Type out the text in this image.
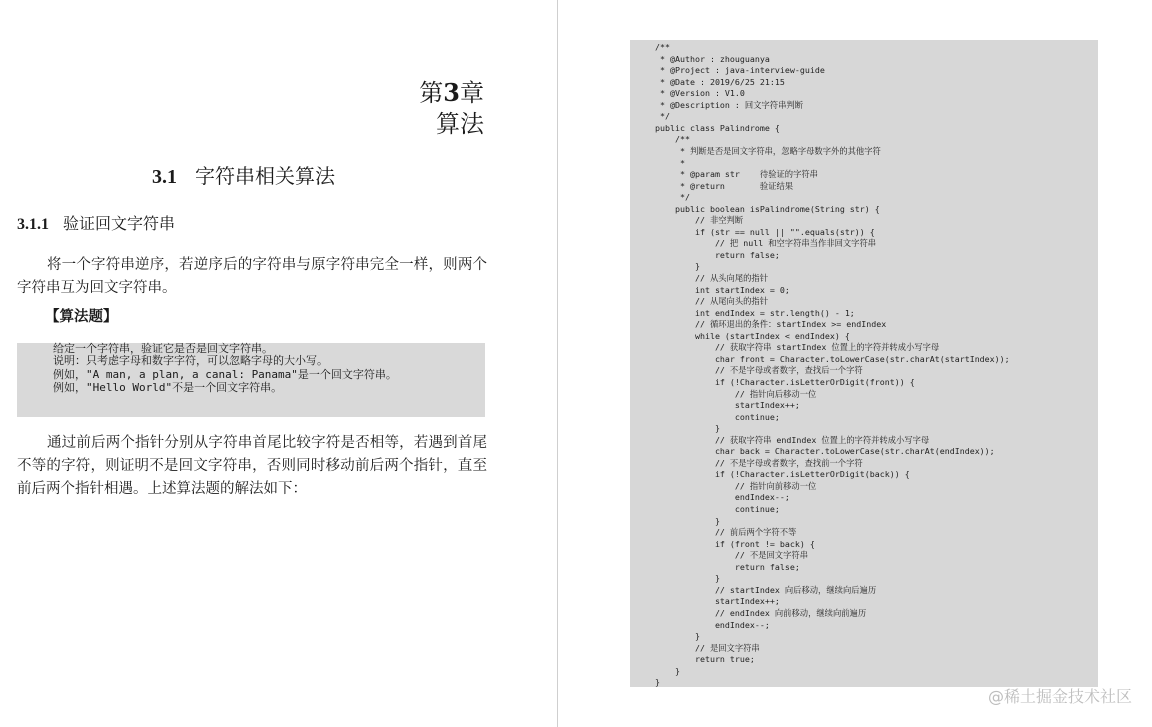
第3章
算法
3.1 字符串相关算法
3.1.1 验证回文字符串
将一个字符串逆序，若逆序后的字符串与原字符串完全一样，则两个字符串互为回文字符串。
【算法题】
给定一个字符串，验证它是否是回文字符串。
说明：只考虑字母和数字字符，可以忽略字母的大小写。
例如，"A man, a plan, a canal: Panama"是一个回文字符串。
例如，"Hello World"不是一个回文字符串。
通过前后两个指针分别从字符串首尾比较字符是否相等，若遇到首尾不等的字符，则证明不是回文字符串，否则同时移动前后两个指针，直至前后两个指针相遇。上述算法题的解法如下：
/**
* @Author : zhouguanya
* @Project : java-interview-guide
* @Date : 2019/6/25 21:15
* @Version : V1.0
* @Description : 回文字符串判断
*/
public class Palindrome {
/**
* 判断是否是回文字符串，忽略字母数字外的其他字符
*
* @param str    待验证的字符串
* @return       验证结果
*/
public boolean isPalindrome(String str) {
// 非空判断
if (str == null || "".equals(str)) {
// 把 null 和空字符串当作非回文字符串
return false;
}
// 从头向尾的指针
int startIndex = 0;
// 从尾向头的指针
int endIndex = str.length() - 1;
// 循环退出的条件：startIndex >= endIndex
while (startIndex < endIndex) {
// 获取字符串 startIndex 位置上的字符并转成小写字母
char front = Character.toLowerCase(str.charAt(startIndex));
// 不是字母或者数字，查找后一个字符
if (!Character.isLetterOrDigit(front)) {
// 指针向后移动一位
startIndex++;
continue;
}
// 获取字符串 endIndex 位置上的字符并转成小写字母
char back = Character.toLowerCase(str.charAt(endIndex));
// 不是字母或者数字，查找前一个字符
if (!Character.isLetterOrDigit(back)) {
// 指针向前移动一位
endIndex--;
continue;
}
// 前后两个字符不等
if (front != back) {
// 不是回文字符串
return false;
}
// startIndex 向后移动，继续向后遍历
startIndex++;
// endIndex 向前移动，继续向前遍历
endIndex--;
}
// 是回文字符串
return true;
}
}
@稀土掘金技术社区
